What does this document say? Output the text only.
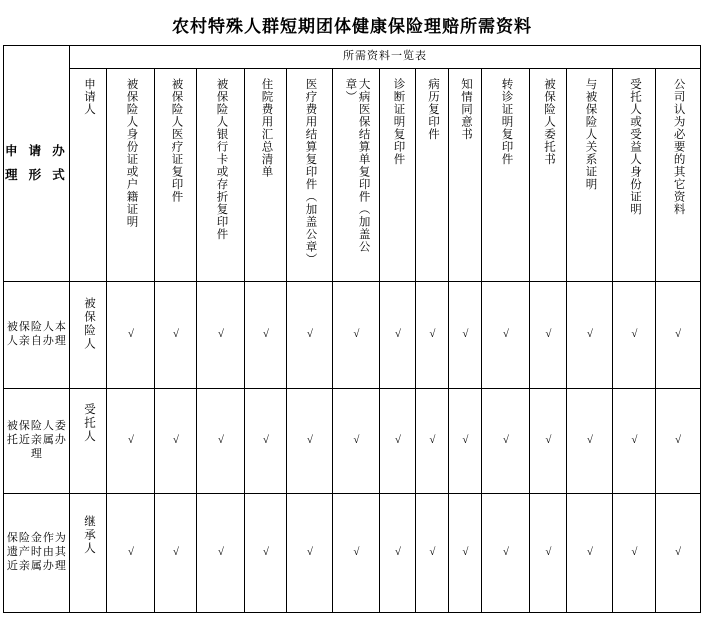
农村特殊人群短期团体健康保险理赔所需资料
申 请 办 理 形 式	所需资料一览表														
	申请人	被保险人身份证或户籍证明	被保险人医疗证复印件	被保险人银行卡或存折复印件	住院费用汇总清单	医疗费用结算复印件（加盖公章）	大病医保结算单复印件（加盖公章）	诊断证明复印件	病历复印件	知情同意书	转诊证明复印件	被保险人委托书	与被保险人关系证明	受托人或受益人身份证明	公司认为必要的其它资料
被保险人本人亲自办理	被保险人	√	√	√	√	√	√	√	√	√	√	√	√	√	√
被保险人委托近亲属办理	受托人	√	√	√	√	√	√	√	√	√	√	√	√	√	√
保险金作为遗产时由其近亲属办理	继承人	√	√	√	√	√	√	√	√	√	√	√	√	√	√
